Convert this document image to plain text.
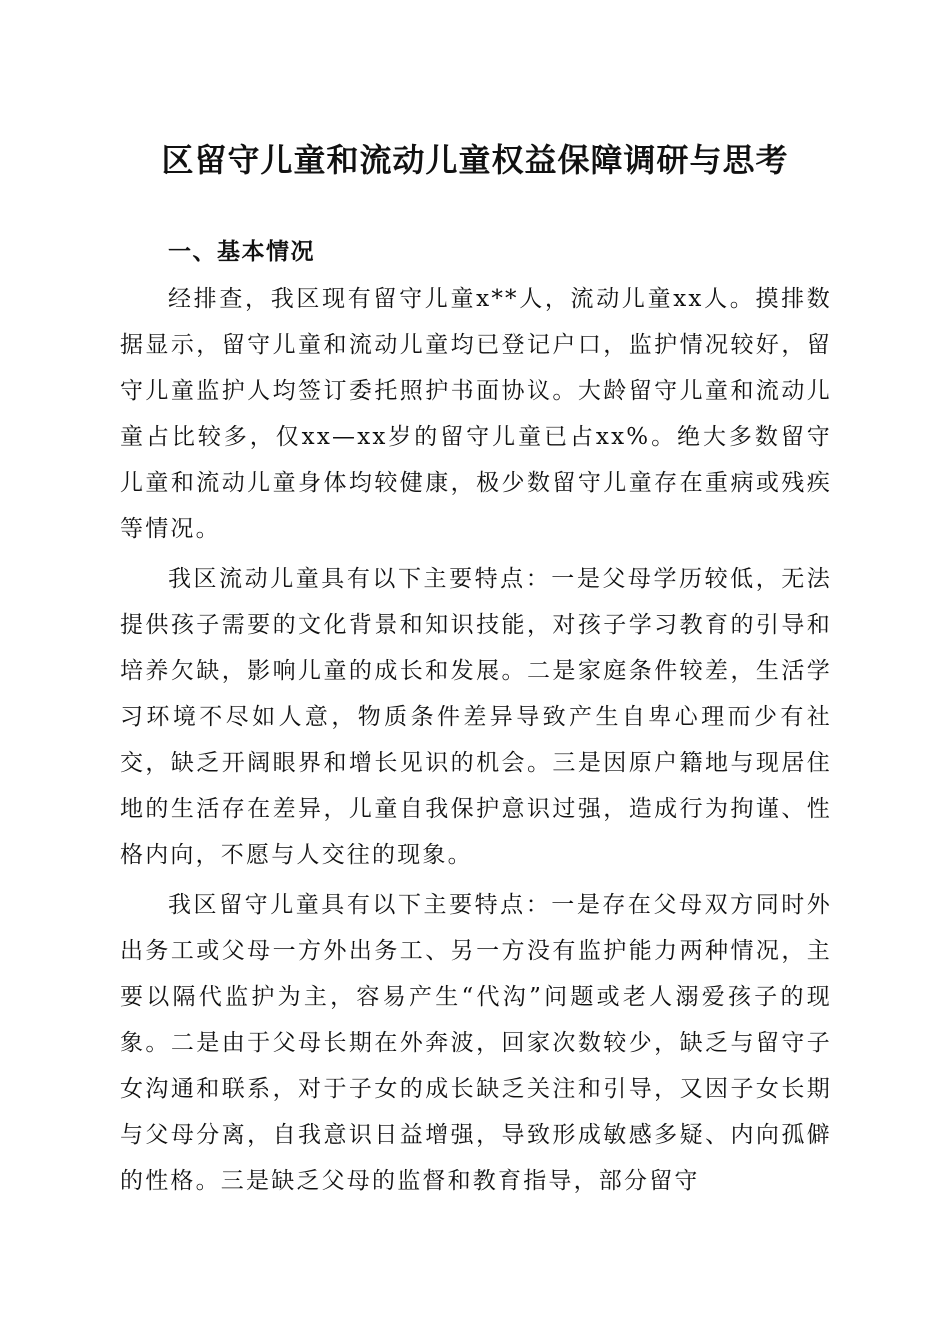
区留守儿童和流动儿童权益保障调研与思考
一、基本情况

经排查，我区现有留守儿童x**人，流动儿童xx人。摸排数据显示，留守儿童和流动儿童均已登记户口，监护情况较好，留守儿童监护人均签订委托照护书面协议。大龄留守儿童和流动儿童占比较多，仅xx—xx岁的留守儿童已占xx%。绝大多数留守儿童和流动儿童身体均较健康，极少数留守儿童存在重病或残疾等情况。

我区流动儿童具有以下主要特点：一是父母学历较低，无法提供孩子需要的文化背景和知识技能，对孩子学习教育的引导和培养欠缺，影响儿童的成长和发展。二是家庭条件较差，生活学习环境不尽如人意，物质条件差异导致产生自卑心理而少有社交，缺乏开阔眼界和增长见识的机会。三是因原户籍地与现居住地的生活存在差异，儿童自我保护意识过强，造成行为拘谨、性格内向，不愿与人交往的现象。

我区留守儿童具有以下主要特点：一是存在父母双方同时外出务工或父母一方外出务工、另一方没有监护能力两种情况，主要以隔代监护为主，容易产生“代沟”问题或老人溺爱孩子的现象。二是由于父母长期在外奔波，回家次数较少，缺乏与留守子女沟通和联系，对于子女的成长缺乏关注和引导，又因子女长期与父母分离，自我意识日益增强，导致形成敏感多疑、内向孤僻的性格。三是缺乏父母的监督和教育指导，部分留守
